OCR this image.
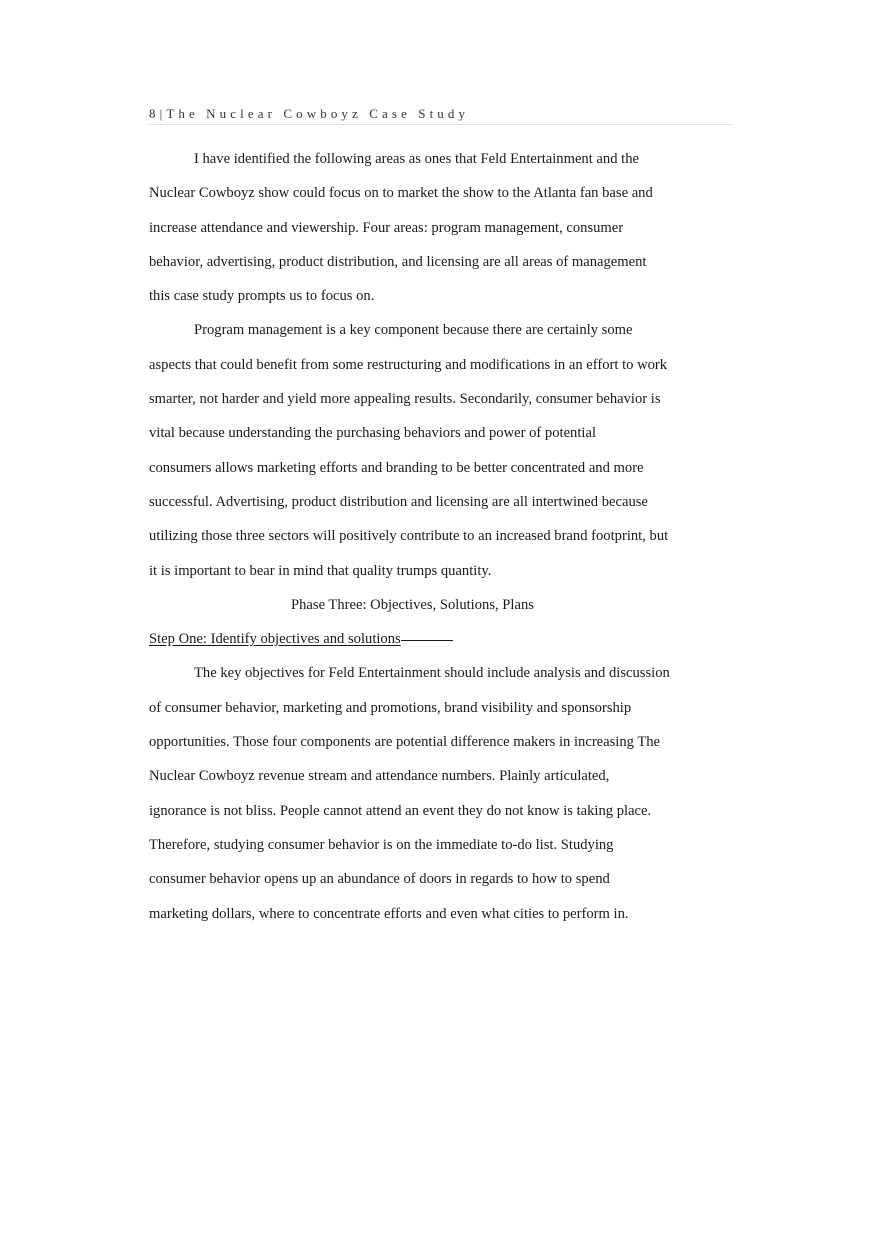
8|The Nuclear Cowboyz Case Study

I have identified the following areas as ones that Feld Entertainment and the
Nuclear Cowboyz show could focus on to market the show to the Atlanta fan base and
increase attendance and viewership. Four areas: program management, consumer
behavior, advertising, product distribution, and licensing are all areas of management
this case study prompts us to focus on.

Program management is a key component because there are certainly some
aspects that could benefit from some restructuring and modifications in an effort to work
smarter, not harder and yield more appealing results. Secondarily, consumer behavior is
vital because understanding the purchasing behaviors and power of potential
consumers allows marketing efforts and branding to be better concentrated and more
successful. Advertising, product distribution and licensing are all intertwined because
utilizing those three sectors will positively contribute to an increased brand footprint, but
it is important to bear in mind that quality trumps quantity.

Phase Three: Objectives, Solutions, Plans

Step One: Identify objectives and solutions

The key objectives for Feld Entertainment should include analysis and discussion
of consumer behavior, marketing and promotions, brand visibility and sponsorship
opportunities. Those four components are potential difference makers in increasing The
Nuclear Cowboyz revenue stream and attendance numbers. Plainly articulated,
ignorance is not bliss. People cannot attend an event they do not know is taking place.
Therefore, studying consumer behavior is on the immediate to-do list. Studying
consumer behavior opens up an abundance of doors in regards to how to spend
marketing dollars, where to concentrate efforts and even what cities to perform in.
